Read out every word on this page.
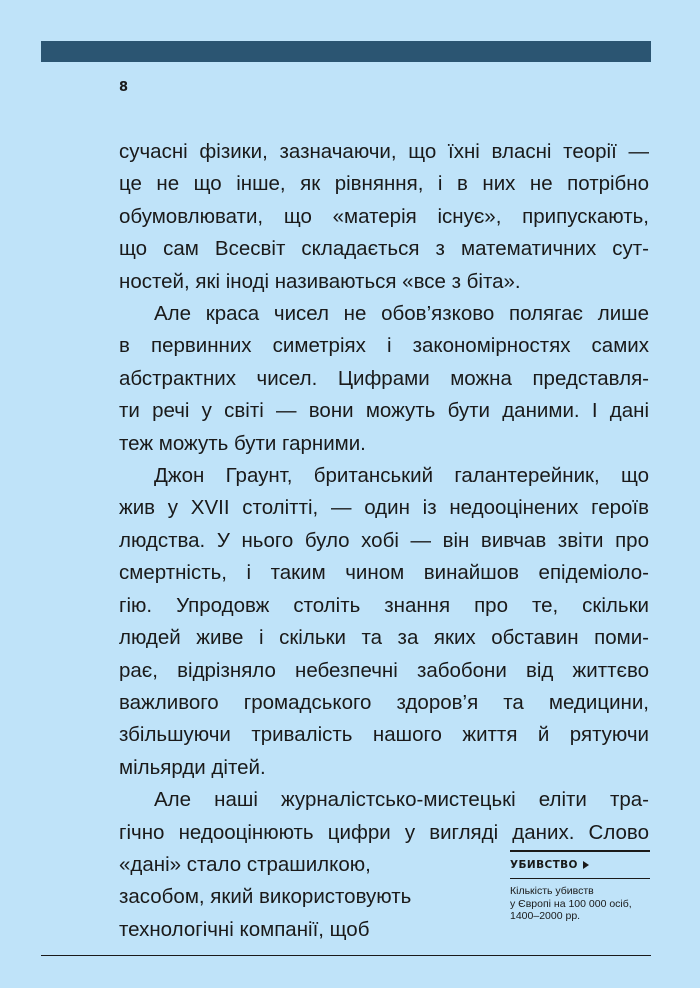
8
сучасні фізики, зазначаючи, що їхні власні теорії —
це не що інше, як рівняння, і в них не потрібно
обумовлювати, що «матерія існує», припускають,
що сам Всесвіт складається з математичних сут-
ностей, які іноді називаються «все з біта».
Але краса чисел не обов’язково полягає лише
в первинних симетріях і закономірностях самих
абстрактних чисел. Цифрами можна представля-
ти речі у світі — вони можуть бути даними. І дані
теж можуть бути гарними.
Джон Граунт, британський галантерейник, що
жив у XVII столітті, — один із недооцінених героїв
людства. У нього було хобі — він вивчав звіти про
смертність, і таким чином винайшов епідеміоло-
гію. Упродовж століть знання про те, скільки
людей живе і скільки та за яких обставин поми-
рає, відрізняло небезпечні забобони від життєво
важливого громадського здоров’я та медицини,
збільшуючи тривалість нашого життя й рятуючи
мільярди дітей.
Але наші журналістсько-мистецькі еліти тра-
гічно недооцінюють цифри у вигляді даних. Слово
«дані» стало страшилкою,
засобом, який використовують
технологічні компанії, щоб
УБИВСТВО
Кількість убивств
у Європі на 100 000 осіб,
1400–2000 рр.
